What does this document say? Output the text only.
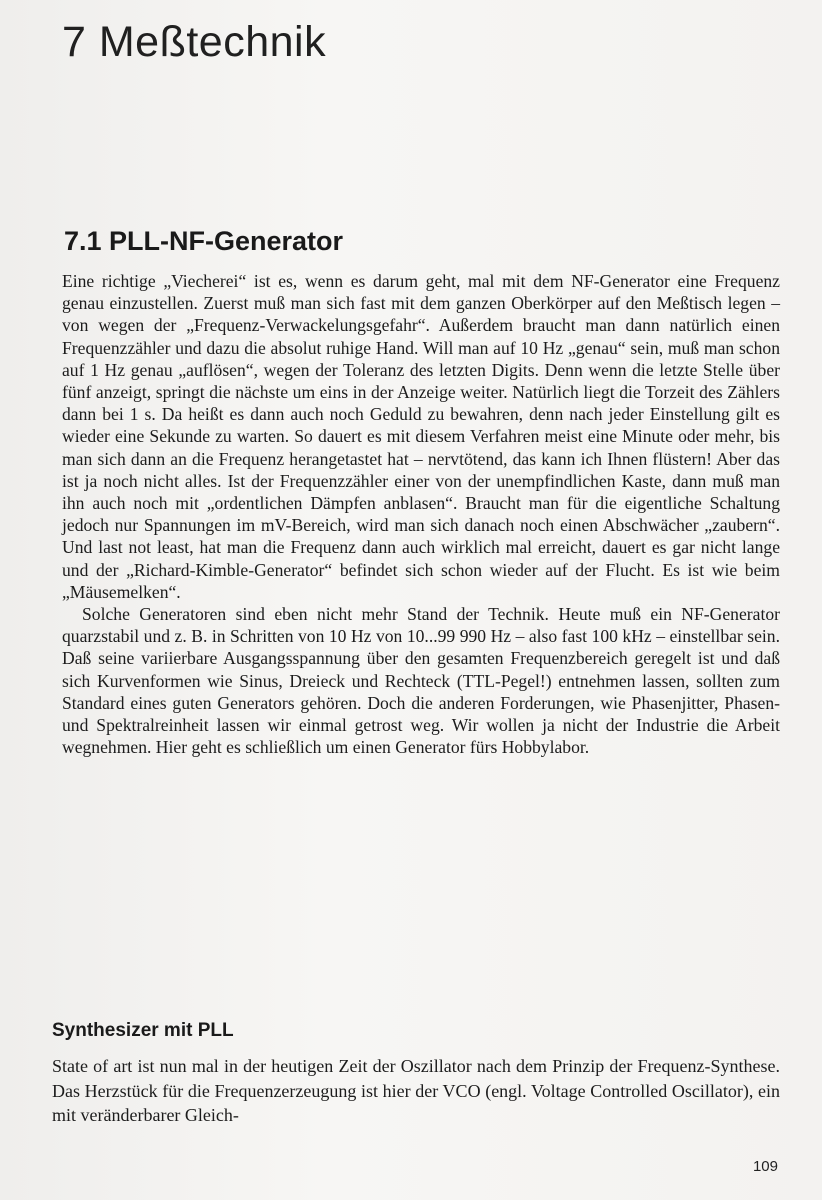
7 Meßtechnik
7.1 PLL-NF-Generator

Eine richtige „Viecherei“ ist es, wenn es darum geht, mal mit dem NF-Generator eine Frequenz genau einzustellen. Zuerst muß man sich fast mit dem ganzen Oberkörper auf den Meßtisch legen – von wegen der „Frequenz-Verwackelungsgefahr“. Außerdem braucht man dann natürlich einen Frequenzzähler und dazu die absolut ruhige Hand. Will man auf 10 Hz „genau“ sein, muß man schon auf 1 Hz genau „auflösen“, wegen der Toleranz des letzten Digits. Denn wenn die letzte Stelle über fünf anzeigt, springt die nächste um eins in der Anzeige weiter. Natürlich liegt die Torzeit des Zählers dann bei 1 s. Da heißt es dann auch noch Geduld zu bewahren, denn nach jeder Einstellung gilt es wieder eine Sekunde zu warten. So dauert es mit diesem Verfahren meist eine Minute oder mehr, bis man sich dann an die Frequenz herangetastet hat – nervtötend, das kann ich Ihnen flüstern! Aber das ist ja noch nicht alles. Ist der Frequenzzähler einer von der unempfindlichen Kaste, dann muß man ihn auch noch mit „ordentlichen Dämpfen anblasen“. Braucht man für die eigentliche Schaltung jedoch nur Spannungen im mV-Bereich, wird man sich danach noch einen Abschwächer „zaubern“. Und last not least, hat man die Frequenz dann auch wirklich mal erreicht, dauert es gar nicht lange und der „Richard-Kimble-Generator“ befindet sich schon wieder auf der Flucht. Es ist wie beim „Mäusemelken“.

Solche Generatoren sind eben nicht mehr Stand der Technik. Heute muß ein NF-Generator quarzstabil und z. B. in Schritten von 10 Hz von 10...99 990 Hz – also fast 100 kHz – einstellbar sein. Daß seine variierbare Ausgangsspannung über den gesamten Frequenzbereich geregelt ist und daß sich Kurvenformen wie Sinus, Dreieck und Rechteck (TTL-Pegel!) entnehmen lassen, sollten zum Standard eines guten Generators gehören. Doch die anderen Forderungen, wie Phasenjitter, Phasen- und Spektralreinheit lassen wir einmal getrost weg. Wir wollen ja nicht der Industrie die Arbeit wegnehmen. Hier geht es schließlich um einen Generator fürs Hobbylabor.

Synthesizer mit PLL

State of art ist nun mal in der heutigen Zeit der Oszillator nach dem Prinzip der Frequenz-Synthese. Das Herzstück für die Frequenzerzeugung ist hier der VCO (engl. Voltage Controlled Oscillator), ein mit veränderbarer Gleich-

109
